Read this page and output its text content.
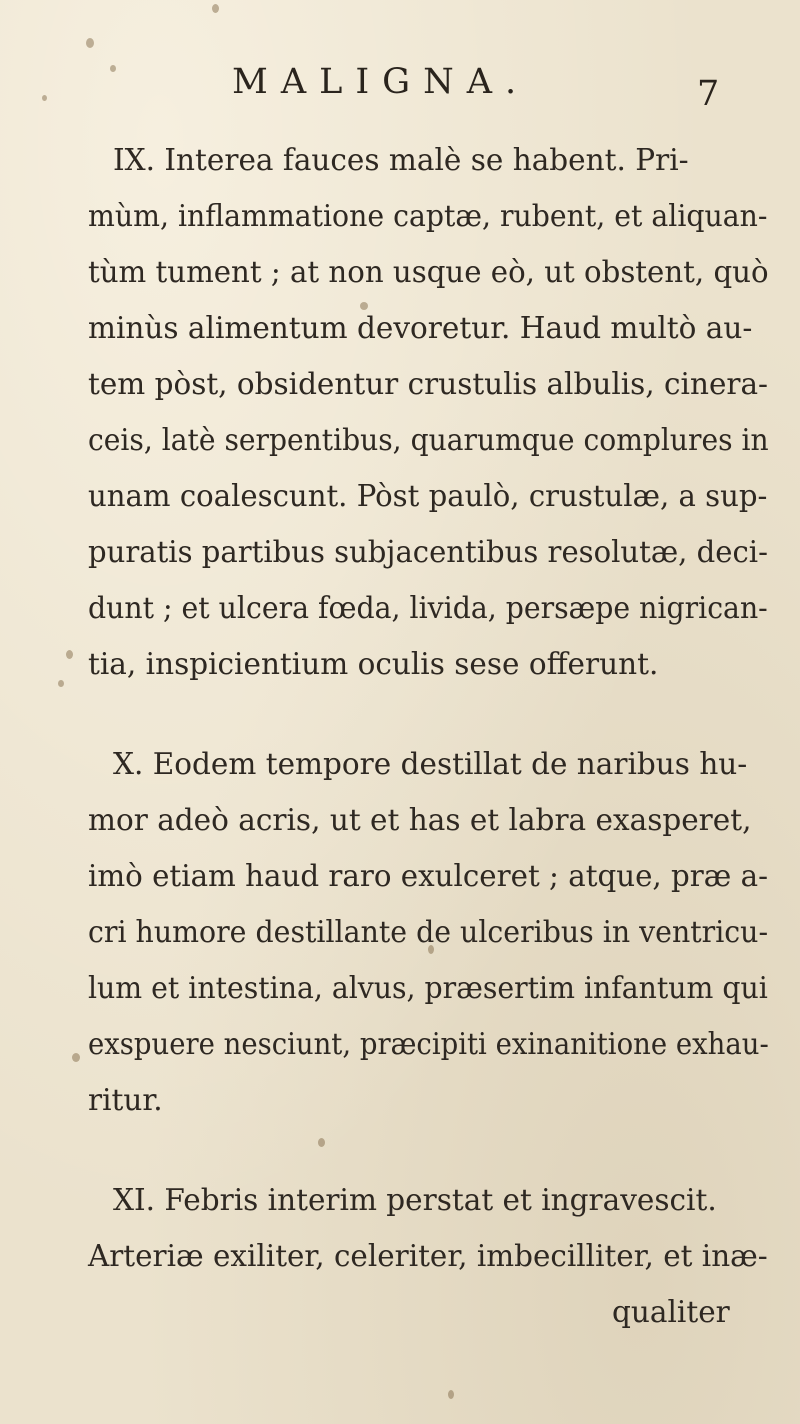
MALIGNA.	7
IX. Interea fauces malè se habent. Pri-
mùm, inflammatione captæ, rubent, et aliquan-
tùm tument ; at non usque eò, ut obstent, quò
minùs alimentum devoretur. Haud multò au-
tem pòst, obsidentur crustulis albulis, cinera-
ceis, latè serpentibus, quarumque complures in
unam coalescunt. Pòst paulò, crustulæ, a sup-
puratis partibus subjacentibus resolutæ, deci-
dunt ; et ulcera fœda, livida, persæpe nigrican-
tia, inspicientium oculis sese offerunt.
X. Eodem tempore destillat de naribus hu-
mor adeò acris, ut et has et labra exasperet,
imò etiam haud raro exulceret ; atque, præ a-
cri humore destillante de ulceribus in ventricu-
lum et intestina, alvus, præsertim infantum qui
exspuere nesciunt, præcipiti exinanitione exhau-
ritur.
XI. Febris interim perstat et ingravescit.
Arteriæ exiliter, celeriter, imbecilliter, et inæ-
qualiter
